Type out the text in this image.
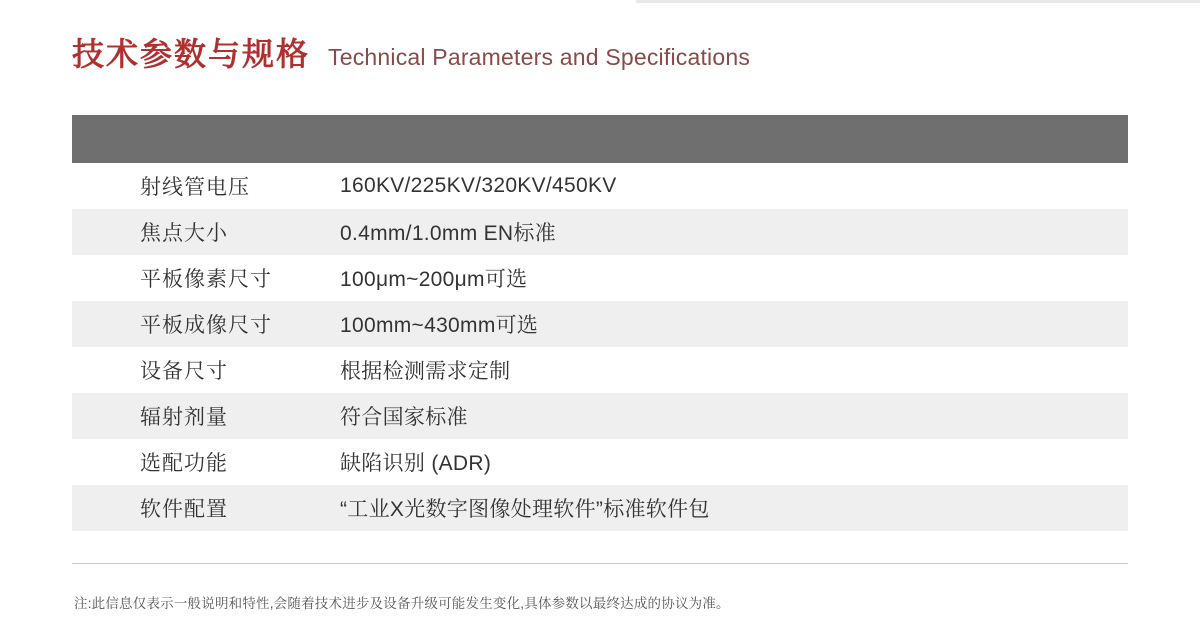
技术参数与规格 Technical Parameters and Specifications
射线管电压	160KV/225KV/320KV/450KV
焦点大小	0.4mm/1.0mm EN标准
平板像素尺寸	100μm~200μm可选
平板成像尺寸	100mm~430mm可选
设备尺寸	根据检测需求定制
辐射剂量	符合国家标准
选配功能	缺陷识别 (ADR)
软件配置	“工业X光数字图像处理软件”标准软件包
注:此信息仅表示一般说明和特性,会随着技术进步及设备升级可能发生变化,具体参数以最终达成的协议为准。
